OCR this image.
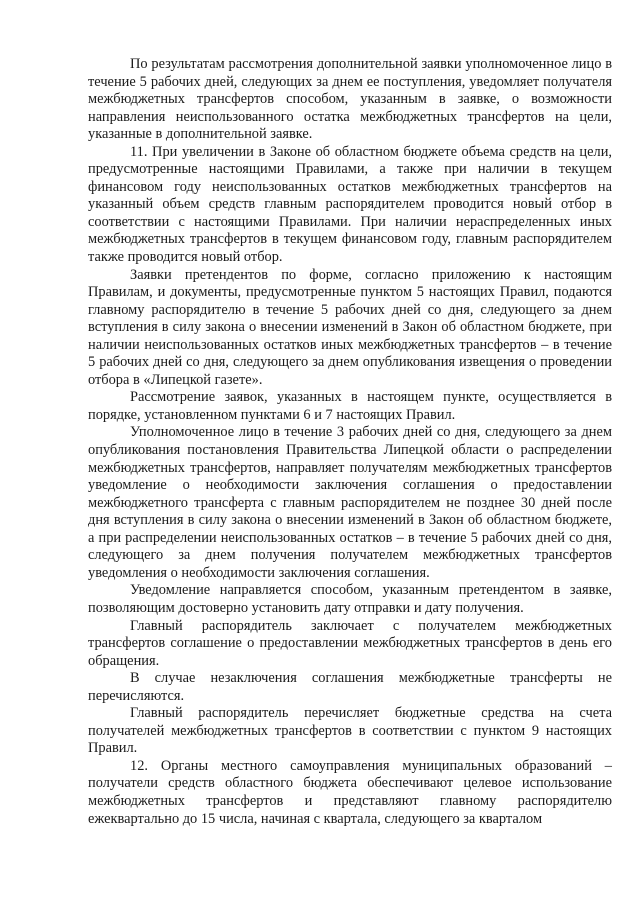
По результатам рассмотрения дополнительной заявки уполномоченное лицо в течение 5 рабочих дней, следующих за днем ее поступления, уведомляет получателя межбюджетных трансфертов способом, указанным в заявке, о возможности направления неиспользованного остатка межбюджетных трансфертов на цели, указанные в дополнительной заявке.

11. При увеличении в Законе об областном бюджете объема средств на цели, предусмотренные настоящими Правилами, а также при наличии в текущем финансовом году неиспользованных остатков межбюджетных трансфертов на указанный объем средств главным распорядителем проводится новый отбор в соответствии с настоящими Правилами. При наличии нераспределенных иных межбюджетных трансфертов в текущем финансовом году, главным распорядителем также проводится новый отбор.

Заявки претендентов по форме, согласно приложению к настоящим Правилам, и документы, предусмотренные пунктом 5 настоящих Правил, подаются главному распорядителю в течение 5 рабочих дней со дня, следующего за днем вступления в силу закона о внесении изменений в Закон об областном бюджете, при наличии неиспользованных остатков иных межбюджетных трансфертов – в течение 5 рабочих дней со дня, следующего за днем опубликования извещения о проведении отбора в «Липецкой газете».

Рассмотрение заявок, указанных в настоящем пункте, осуществляется в порядке, установленном пунктами 6 и 7 настоящих Правил.

Уполномоченное лицо в течение 3 рабочих дней со дня, следующего за днем опубликования постановления Правительства Липецкой области о распределении межбюджетных трансфертов, направляет получателям межбюджетных трансфертов уведомление о необходимости заключения соглашения о предоставлении межбюджетного трансферта с главным распорядителем не позднее 30 дней после дня вступления в силу закона о внесении изменений в Закон об областном бюджете, а при распределении неиспользованных остатков – в течение 5 рабочих дней со дня, следующего за днем получения получателем межбюджетных трансфертов уведомления о необходимости заключения соглашения.

Уведомление направляется способом, указанным претендентом в заявке, позволяющим достоверно установить дату отправки и дату получения.

Главный распорядитель заключает с получателем межбюджетных трансфертов соглашение о предоставлении межбюджетных трансфертов в день его обращения.

В случае незаключения соглашения межбюджетные трансферты не перечисляются.

Главный распорядитель перечисляет бюджетные средства на счета получателей межбюджетных трансфертов в соответствии с пунктом 9 настоящих Правил.

12. Органы местного самоуправления муниципальных образований – получатели средств областного бюджета обеспечивают целевое использование межбюджетных трансфертов и представляют главному распорядителю ежеквартально до 15 числа, начиная с квартала, следующего за кварталом
